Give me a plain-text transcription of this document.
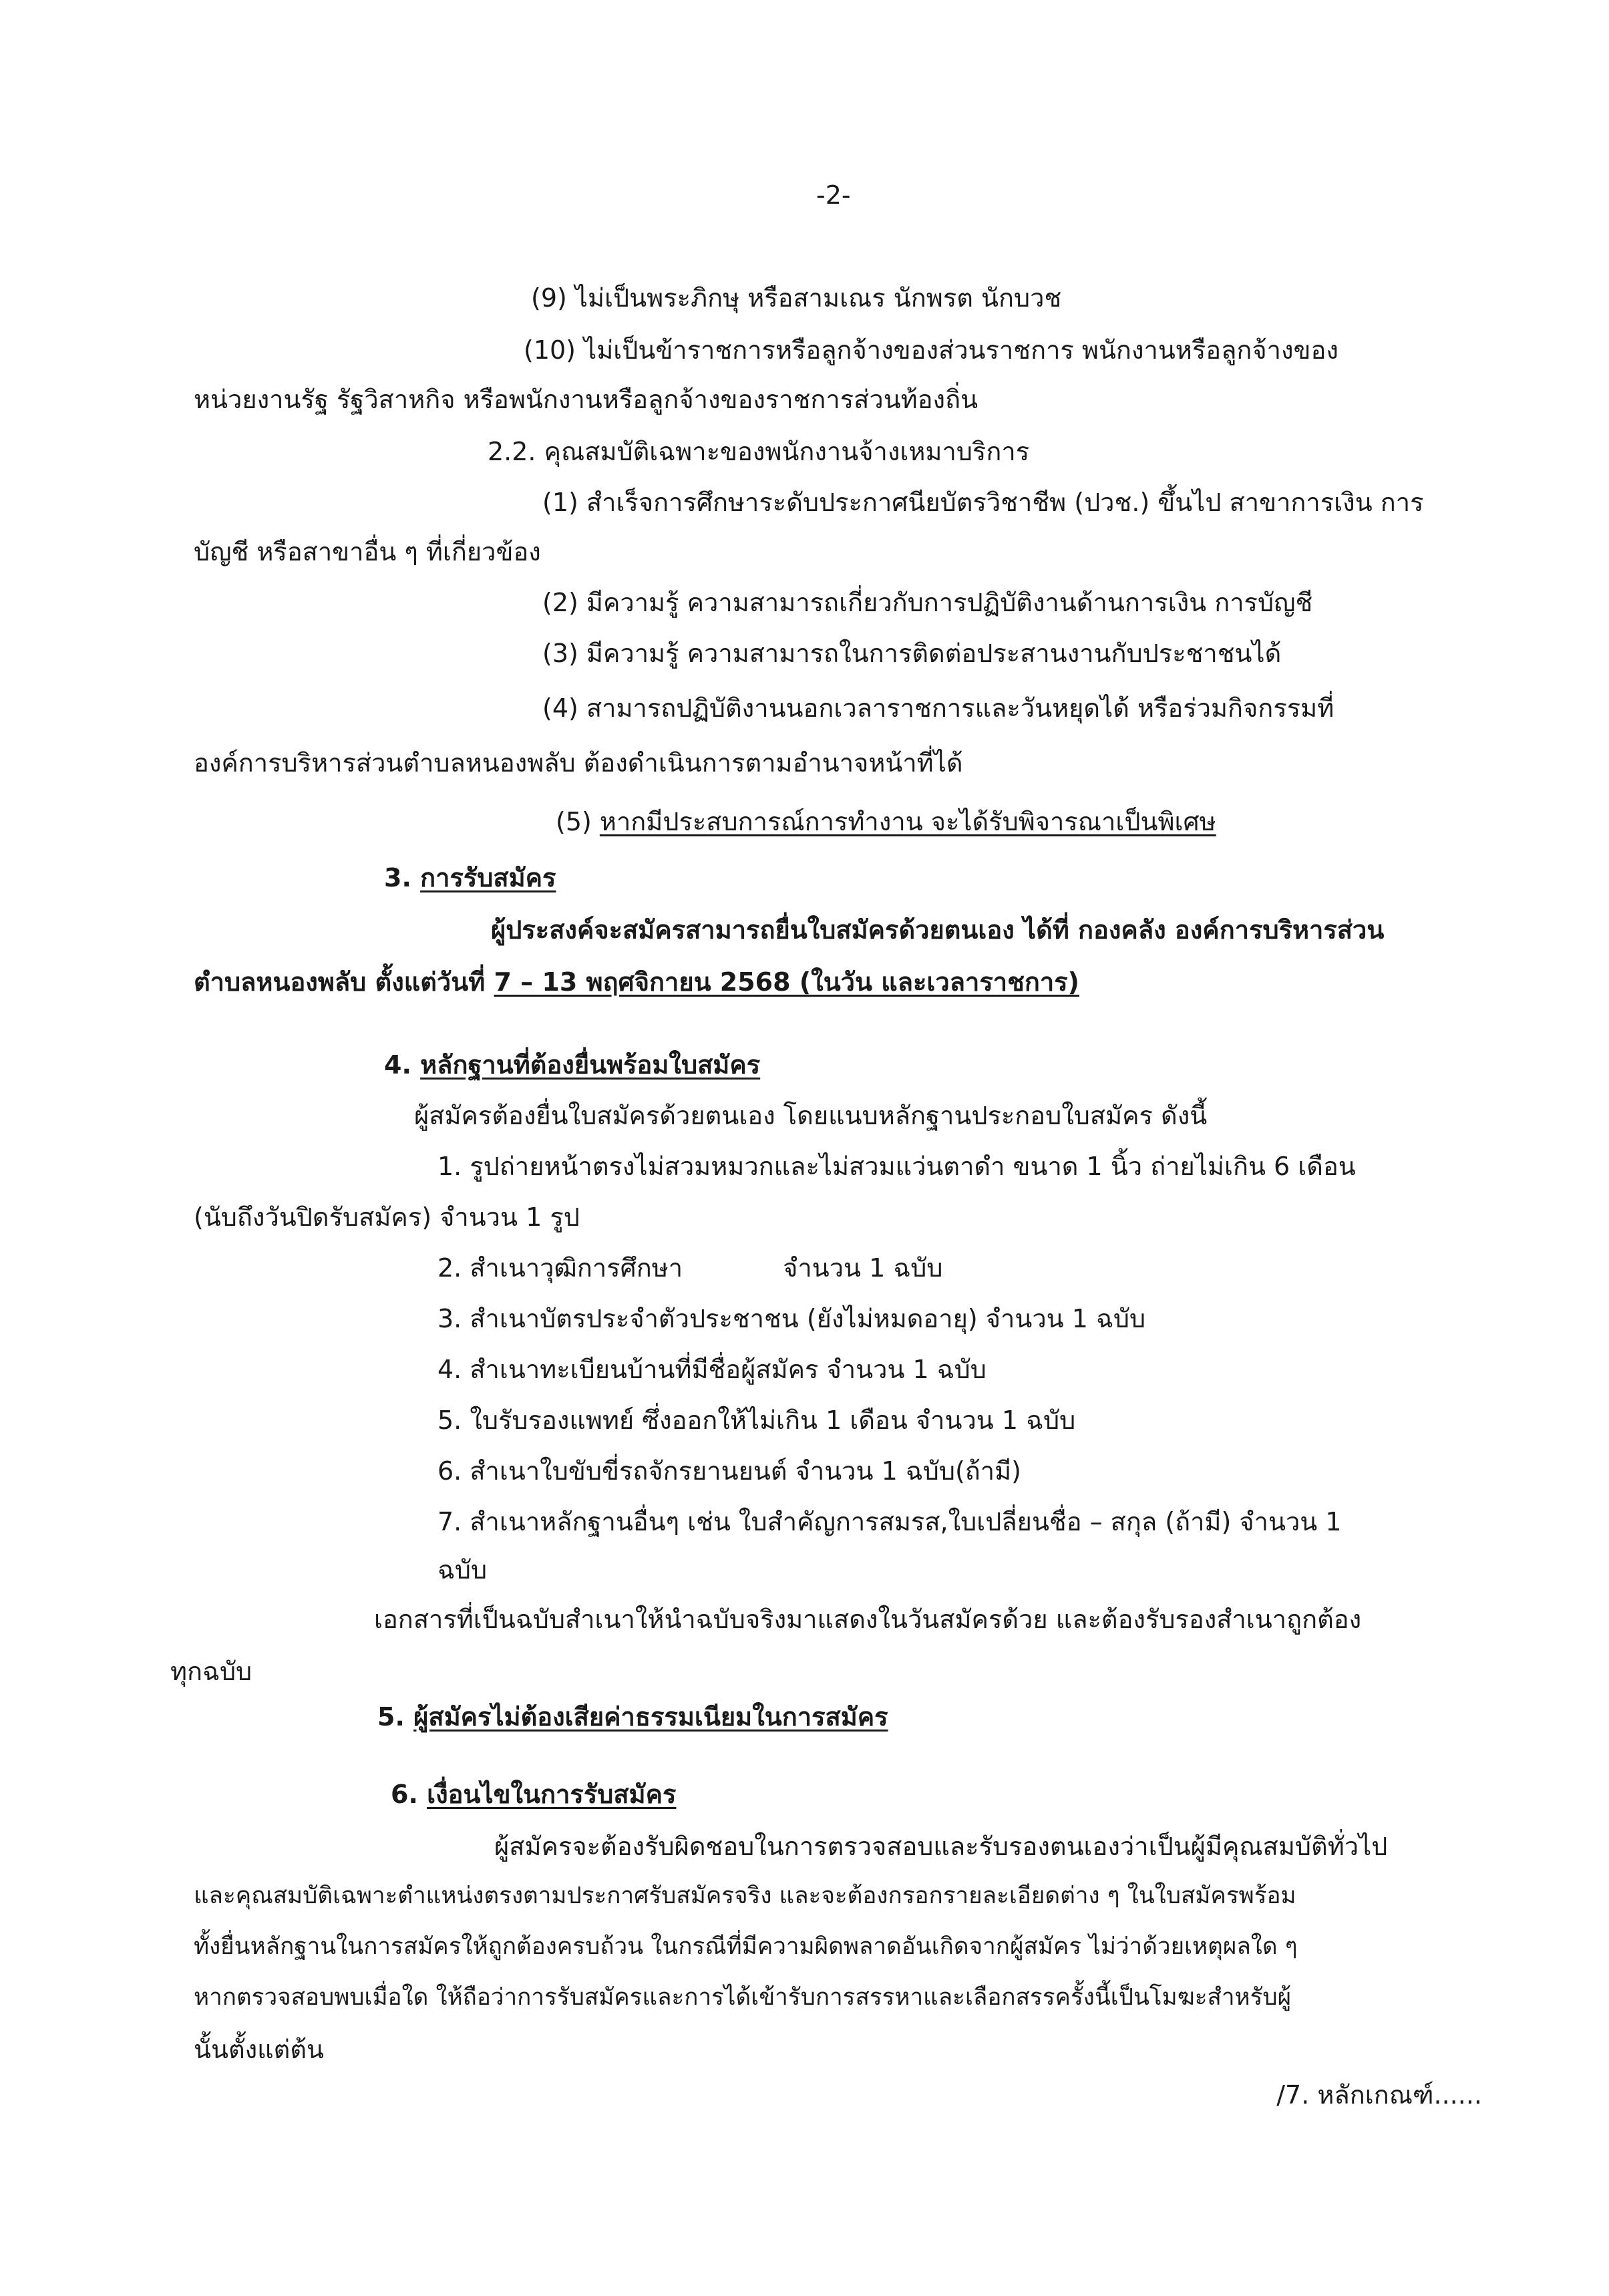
-2-
(9) ไม่เป็นพระภิกษุ หรือสามเณร นักพรต นักบวช
(10) ไม่เป็นข้าราชการหรือลูกจ้างของส่วนราชการ พนักงานหรือลูกจ้างของ
หน่วยงานรัฐ รัฐวิสาหกิจ หรือพนักงานหรือลูกจ้างของราชการส่วนท้องถิ่น
2.2. คุณสมบัติเฉพาะของพนักงานจ้างเหมาบริการ
(1) สำเร็จการศึกษาระดับประกาศนียบัตรวิชาชีพ (ปวช.) ขึ้นไป สาขาการเงิน การ
บัญชี หรือสาขาอื่น ๆ ที่เกี่ยวข้อง
(2) มีความรู้ ความสามารถเกี่ยวกับการปฏิบัติงานด้านการเงิน การบัญชี
(3) มีความรู้ ความสามารถในการติดต่อประสานงานกับประชาชนได้
(4) สามารถปฏิบัติงานนอกเวลาราชการและวันหยุดได้ หรือร่วมกิจกรรมที่
องค์การบริหารส่วนตำบลหนองพลับ ต้องดำเนินการตามอำนาจหน้าที่ได้
(5) หากมีประสบการณ์การทำงาน จะได้รับพิจารณาเป็นพิเศษ
3. การรับสมัคร
ผู้ประสงค์จะสมัครสามารถยื่นใบสมัครด้วยตนเอง ได้ที่ กองคลัง องค์การบริหารส่วน
ตำบลหนองพลับ ตั้งแต่วันที่ 7 – 13 พฤศจิกายน 2568 (ในวัน และเวลาราชการ)
4. หลักฐานที่ต้องยื่นพร้อมใบสมัคร
ผู้สมัครต้องยื่นใบสมัครด้วยตนเอง โดยแนบหลักฐานประกอบใบสมัคร ดังนี้
1. รูปถ่ายหน้าตรงไม่สวมหมวกและไม่สวมแว่นตาดำ ขนาด 1 นิ้ว ถ่ายไม่เกิน 6 เดือน
(นับถึงวันปิดรับสมัคร) จำนวน 1 รูป
2. สำเนาวุฒิการศึกษา	จำนวน 1 ฉบับ
3. สำเนาบัตรประจำตัวประชาชน (ยังไม่หมดอายุ) จำนวน 1 ฉบับ
4. สำเนาทะเบียนบ้านที่มีชื่อผู้สมัคร จำนวน 1 ฉบับ
5. ใบรับรองแพทย์ ซึ่งออกให้ไม่เกิน 1 เดือน จำนวน 1 ฉบับ
6. สำเนาใบขับขี่รถจักรยานยนต์ จำนวน 1 ฉบับ(ถ้ามี)
7. สำเนาหลักฐานอื่นๆ เช่น ใบสำคัญการสมรส,ใบเปลี่ยนชื่อ – สกุล (ถ้ามี) จำนวน 1
ฉบับ
เอกสารที่เป็นฉบับสำเนาให้นำฉบับจริงมาแสดงในวันสมัครด้วย และต้องรับรองสำเนาถูกต้อง
ทุกฉบับ
5. ผู้สมัครไม่ต้องเสียค่าธรรมเนียมในการสมัคร
6. เงื่อนไขในการรับสมัคร
ผู้สมัครจะต้องรับผิดชอบในการตรวจสอบและรับรองตนเองว่าเป็นผู้มีคุณสมบัติทั่วไป
และคุณสมบัติเฉพาะตำแหน่งตรงตามประกาศรับสมัครจริง และจะต้องกรอกรายละเอียดต่าง ๆ ในใบสมัครพร้อม
ทั้งยื่นหลักฐานในการสมัครให้ถูกต้องครบถ้วน ในกรณีที่มีความผิดพลาดอันเกิดจากผู้สมัคร ไม่ว่าด้วยเหตุผลใด ๆ
หากตรวจสอบพบเมื่อใด ให้ถือว่าการรับสมัครและการได้เข้ารับการสรรหาและเลือกสรรครั้งนี้เป็นโมฆะสำหรับผู้
นั้นตั้งแต่ต้น
/7. หลักเกณฑ์......
